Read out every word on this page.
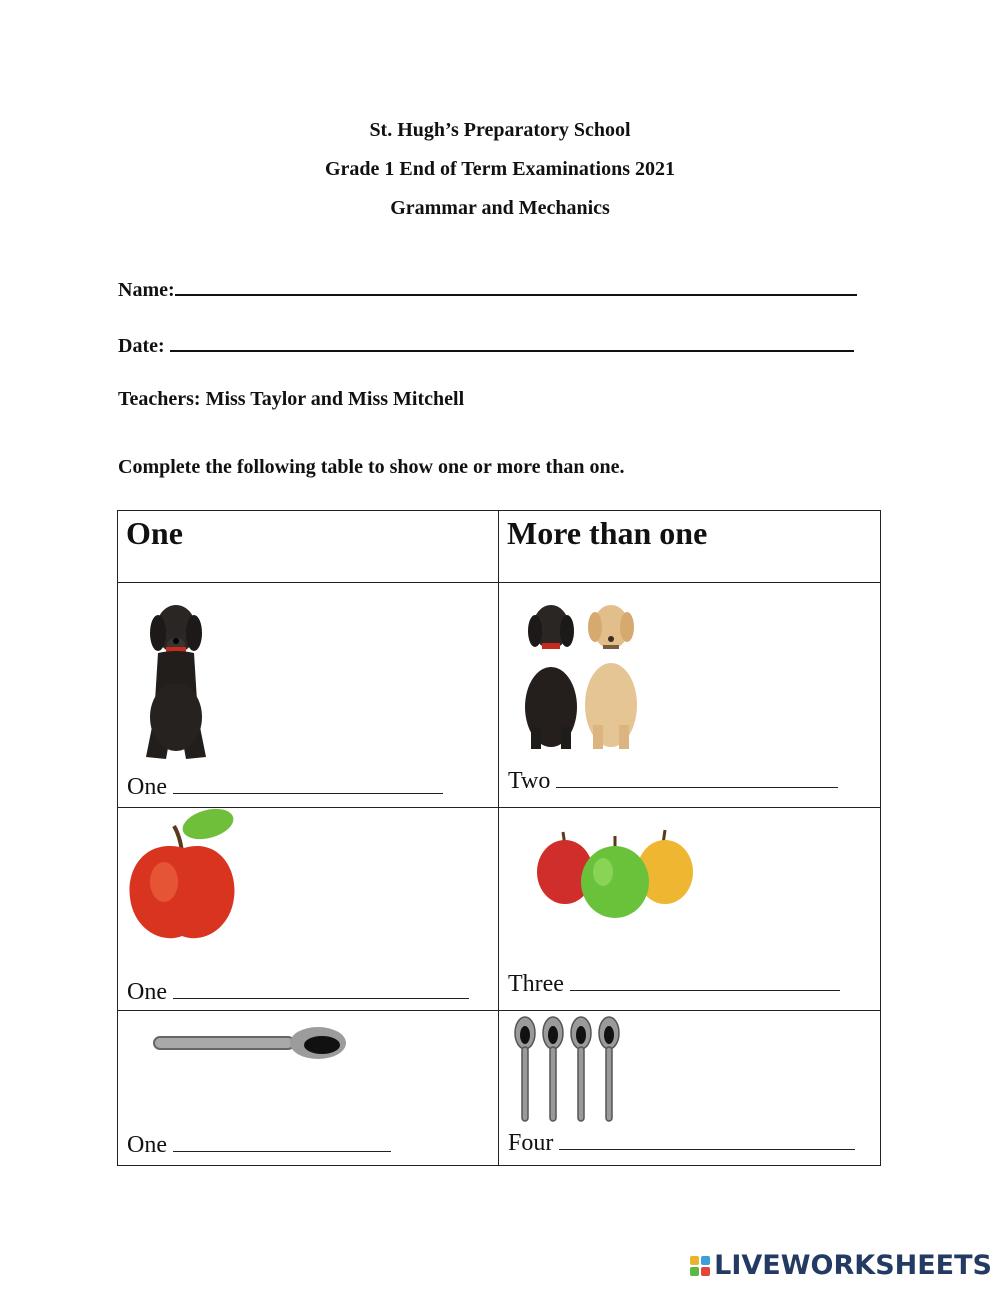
St. Hugh’s Preparatory School
Grade 1 End of Term Examinations 2021
Grammar and Mechanics
Name:
Date:
Teachers: Miss Taylor and Miss Mitchell
Complete the following table to show one or more than one.
One	More than one

One	Two

One	Three

One	Four
LIVEWORKSHEETS
